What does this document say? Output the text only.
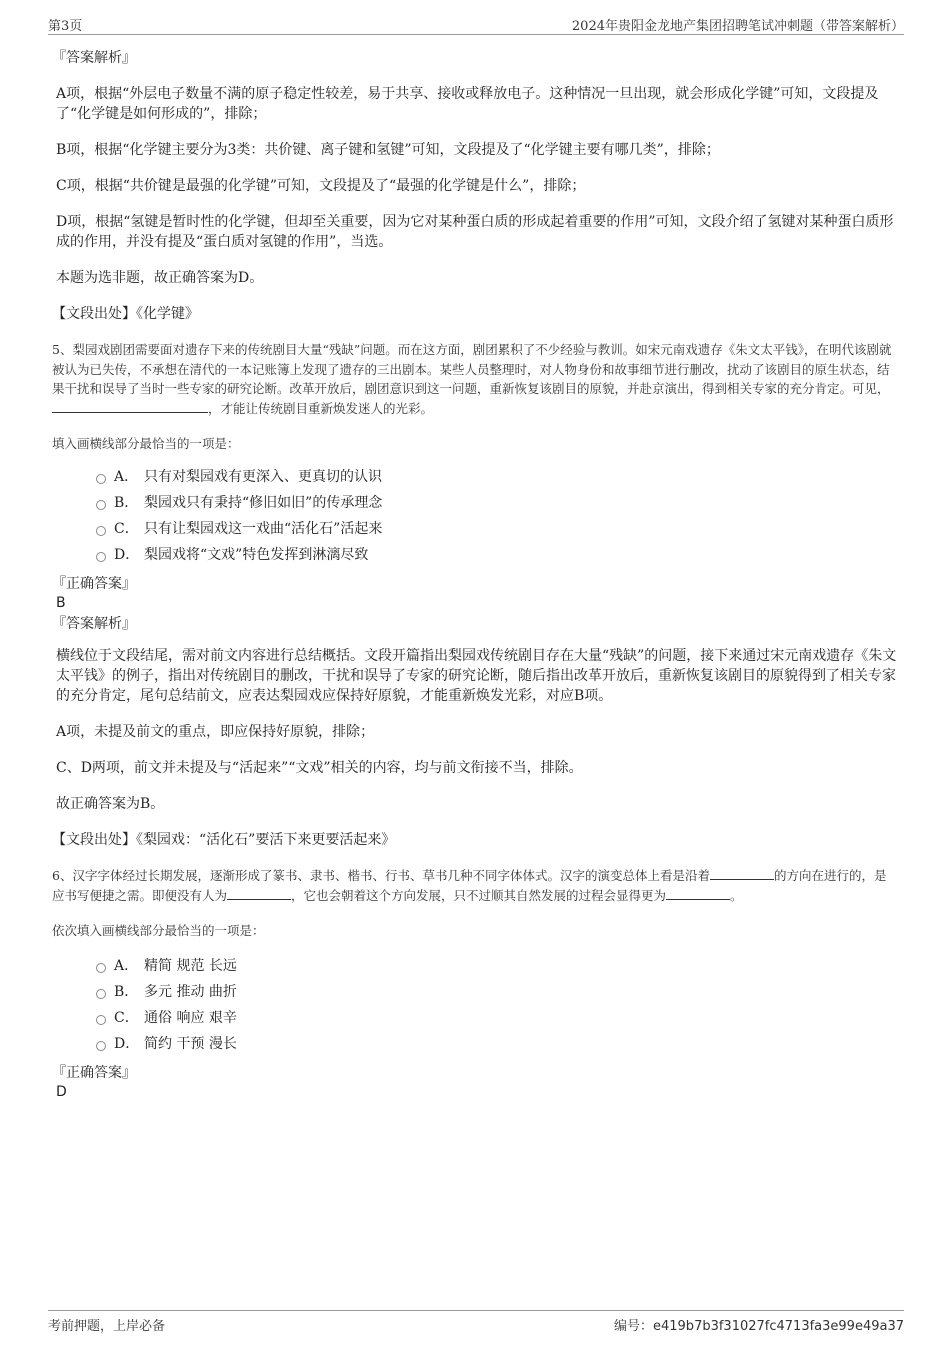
第3页	2024年贵阳金龙地产集团招聘笔试冲刺题（带答案解析）

『答案解析』

A项，根据“外层电子数量不满的原子稳定性较差，易于共享、接收或释放电子。这种情况一旦出现，就会形成化学键”可知，文段提及了“化学键是如何形成的”，排除；

B项，根据“化学键主要分为3类：共价键、离子键和氢键”可知，文段提及了“化学键主要有哪几类”，排除；

C项，根据“共价键是最强的化学键”可知，文段提及了“最强的化学键是什么”，排除；

D项，根据“氢键是暂时性的化学键，但却至关重要，因为它对某种蛋白质的形成起着重要的作用”可知，文段介绍了氢键对某种蛋白质形成的作用，并没有提及“蛋白质对氢键的作用”，当选。

本题为选非题，故正确答案为D。

【文段出处】《化学键》

5、梨园戏剧团需要面对遗存下来的传统剧目大量“残缺”问题。而在这方面，剧团累积了不少经验与教训。如宋元南戏遗存《朱文太平钱》，在明代该剧就被认为已失传，不承想在清代的一本记账簿上发现了遗存的三出剧本。某些人员整理时，对人物身份和故事细节进行删改，扰动了该剧目的原生状态，结果干扰和误导了当时一些专家的研究论断。改革开放后，剧团意识到这一问题，重新恢复该剧目的原貌，并赴京演出，得到相关专家的充分肯定。可见，，才能让传统剧目重新焕发迷人的光彩。

填入画横线部分最恰当的一项是：

A． 只有对梨园戏有更深入、更真切的认识
B． 梨园戏只有秉持“修旧如旧”的传承理念
C． 只有让梨园戏这一戏曲“活化石”活起来
D． 梨园戏将“文戏”特色发挥到淋漓尽致

『正确答案』

B

『答案解析』

横线位于文段结尾，需对前文内容进行总结概括。文段开篇指出梨园戏传统剧目存在大量“残缺”的问题，接下来通过宋元南戏遗存《朱文太平钱》的例子，指出对传统剧目的删改，干扰和误导了专家的研究论断，随后指出改革开放后，重新恢复该剧目的原貌得到了相关专家的充分肯定，尾句总结前文，应表达梨园戏应保持好原貌，才能重新焕发光彩，对应B项。

A项，未提及前文的重点，即应保持好原貌，排除；

C、D两项，前文并未提及与“活起来”“文戏”相关的内容，均与前文衔接不当，排除。

故正确答案为B。

【文段出处】《梨园戏：“活化石”要活下来更要活起来》

6、汉字字体经过长期发展，逐渐形成了篆书、隶书、楷书、行书、草书几种不同字体体式。汉字的演变总体上看是沿着	的方向在进行的，是应书写便捷之需。即便没有人为	，它也会朝着这个方向发展，只不过顺其自然发展的过程会显得更为	。

依次填入画横线部分最恰当的一项是：

A． 精简 规范 长远
B． 多元 推动 曲折
C． 通俗 响应 艰辛
D． 简约 干预 漫长

『正确答案』

D

考前押题，上岸必备	编号：e419b7b3f31027fc4713fa3e99e49a37
